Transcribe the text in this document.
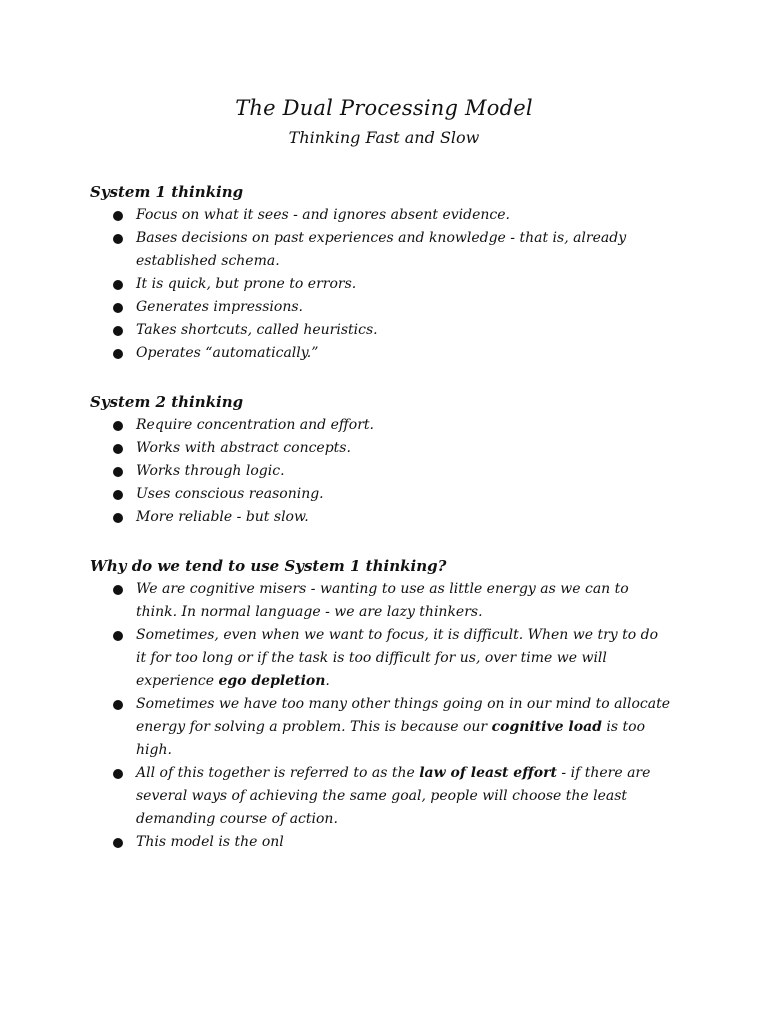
The Dual Processing Model
Thinking Fast and Slow

System 1 thinking

Focus on what it sees - and ignores absent evidence.
Bases decisions on past experiences and knowledge - that is, already established schema.
It is quick, but prone to errors.
Generates impressions.
Takes shortcuts, called heuristics.
Operates “automatically.”

System 2 thinking

Require concentration and effort.
Works with abstract concepts.
Works through logic.
Uses conscious reasoning.
More reliable - but slow.

Why do we tend to use System 1 thinking?

We are cognitive misers - wanting to use as little energy as we can to think. In normal language - we are lazy thinkers.
Sometimes, even when we want to focus, it is difficult. When we try to do it for too long or if the task is too difficult for us, over time we will experience ego depletion.
Sometimes we have too many other things going on in our mind to allocate energy for solving a problem. This is because our cognitive load is too high.
All of this together is referred to as the law of least effort - if there are several ways of achieving the same goal, people will choose the least demanding course of action.
This model is the onl
